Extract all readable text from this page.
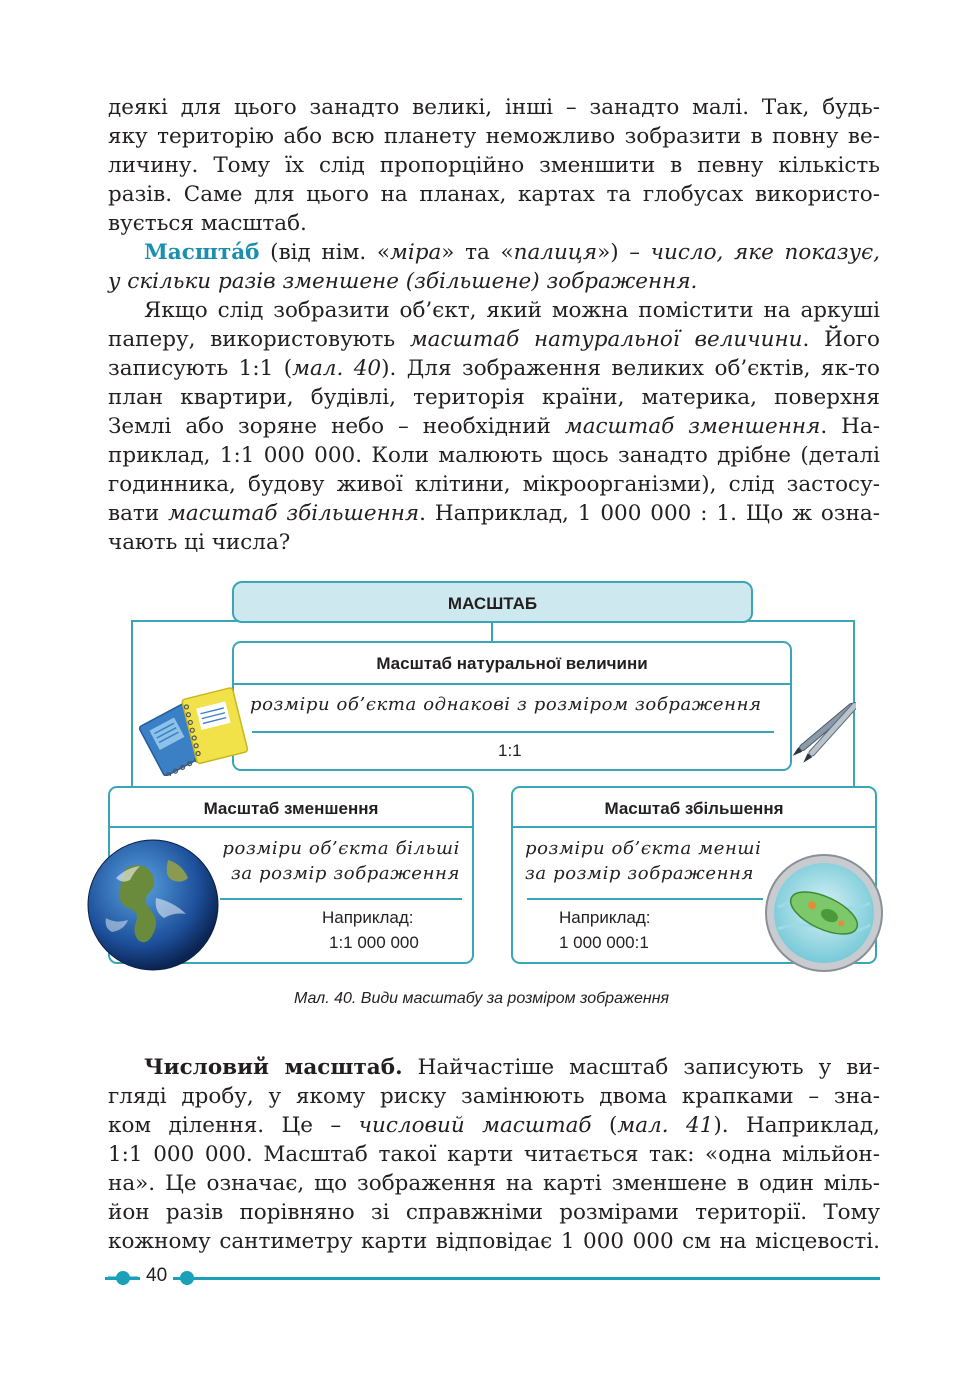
деякі для цього занадто великі, інші – занадто малі. Так, будь-
яку територію або всю планету неможливо зобразити в повну ве-
личину. Тому їх слід пропорційно зменшити в певну кількість
разів. Саме для цього на планах, картах та глобусах використо-
вується масштаб.
Масшта́б (від нім. «міра» та «палиця») – число, яке показує,
у скільки разів зменшене (збільшене) зображення.
Якщо слід зобразити об’єкт, який можна помістити на аркуші
паперу, використовують масштаб натуральної величини. Його
записують 1:1 (мал. 40). Для зображення великих об’єктів, як-то
план квартири, будівлі, територія країни, материка, поверхня
Землі або зоряне небо – необхідний масштаб зменшення. На-
приклад, 1:1 000 000. Коли малюють щось занадто дрібне (деталі
годинника, будову живої клітини, мікроорганізми), слід застосу-
вати масштаб збільшення. Наприклад, 1 000 000 : 1. Що ж озна-
чають ці числа?
МАСШТАБ
Масштаб натуральної величини
розміри об’єкта однакові з розміром зображення
1:1
Масштаб зменшення
розміри об’єкта більші
за розмір зображення
Наприклад:
1:1 000 000
Масштаб збільшення
розміри об’єкта менші
за розмір зображення
Наприклад:
1 000 000:1
Мал. 40. Види масштабу за розміром зображення
Числовий масштаб. Найчастіше масштаб записують у ви-
гляді дробу, у якому риску замінюють двома крапками – зна-
ком ділення. Це – числовий масштаб (мал. 41). Наприклад,
1:1 000 000. Масштаб такої карти читається так: «одна мільйон-
на». Це означає, що зображення на карті зменшене в один міль-
йон разів порівняно зі справжніми розмірами території. Тому
кожному сантиметру карти відповідає 1 000 000 см на місцевості.
40
